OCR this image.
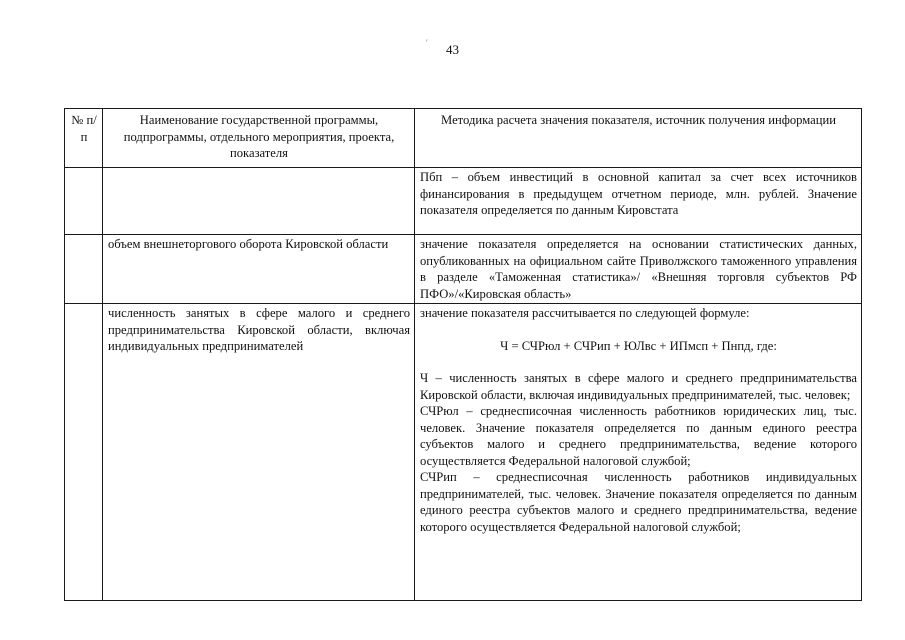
43
′
№ п/п	Наименование государственной программы, подпрограммы, отдельного мероприятия, проекта, показателя	Методика расчета значения показателя, источник получения информации
		Пбп – объем инвестиций в основной капитал за счет всех источников финансирования в предыдущем отчетном периоде, млн. рублей. Значение показателя определяется по данным Кировстата
	объем внешнеторгового оборота Кировской области	значение показателя определяется на основании статистических данных, опубликованных на официальном сайте Приволжского таможенного управления в разделе «Таможенная статистика»/ «Внешняя торговля субъектов РФ ПФО»/«Кировская область»
	численность занятых в сфере малого и среднего предпринимательства Кировской области, включая индивидуальных предпринимателей	значение показателя рассчитывается по следующей формуле:

Ч = СЧРюл + СЧРип + ЮЛвс + ИПмсп + Пнпд, где:

Ч – численность занятых в сфере малого и среднего предпринимательства Кировской области, включая индивидуальных предпринимателей, тыс. человек;

СЧРюл – среднесписочная численность работников юридических лиц, тыс. человек. Значение показателя определяется по данным единого реестра субъектов малого и среднего предпринимательства, ведение которого осуществляется Федеральной налоговой службой;

СЧРип – среднесписочная численность работников индивидуальных предпринимателей, тыс. человек. Значение показателя определяется по данным единого реестра субъектов малого и среднего предпринимательства, ведение которого осуществляется Федеральной налоговой службой;
